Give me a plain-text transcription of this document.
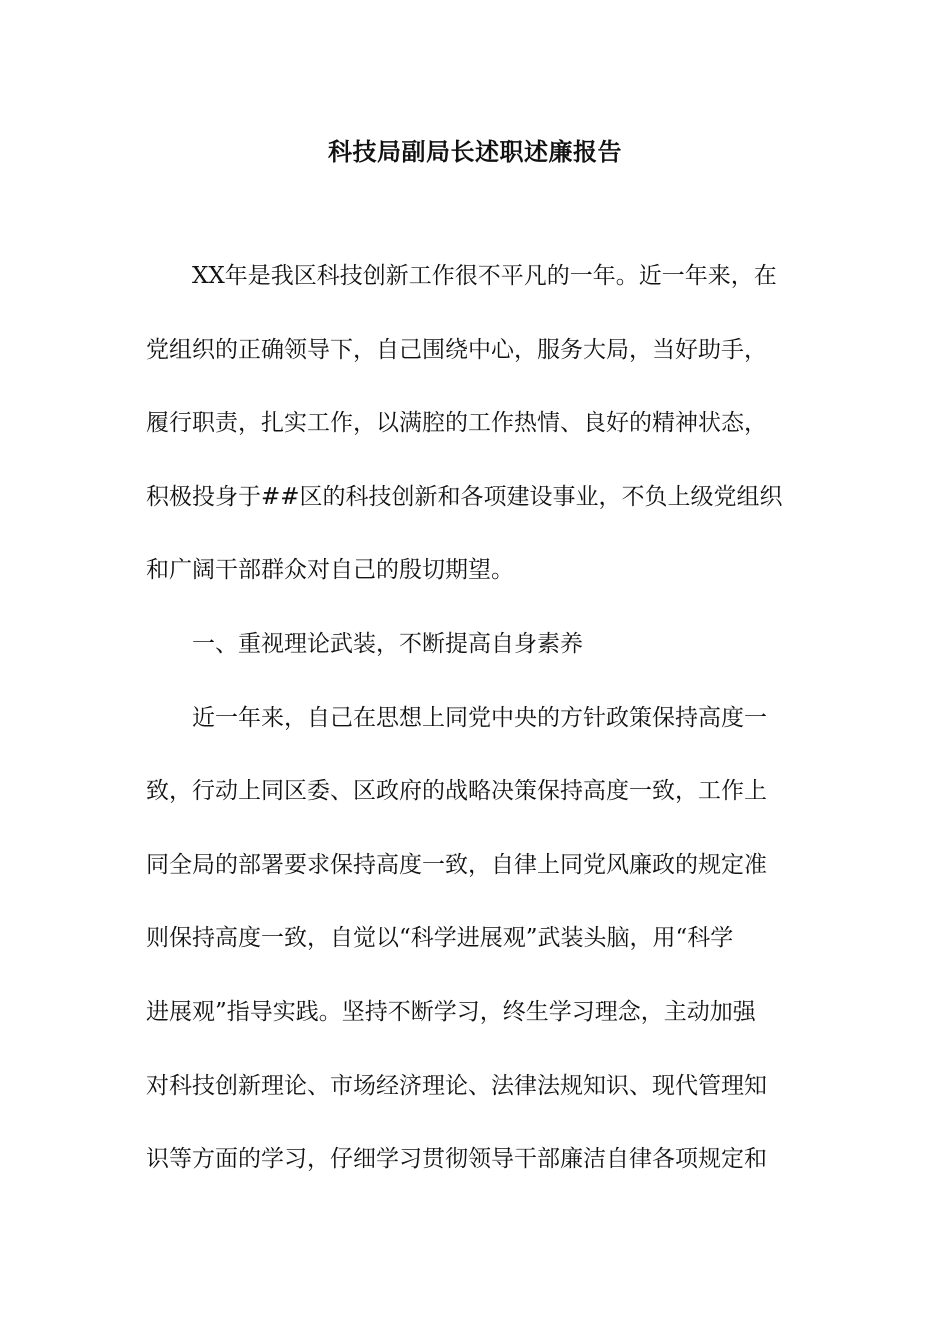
科技局副局长述职述廉报告

XX年是我区科技创新工作很不平凡的一年。近一年来，在

党组织的正确领导下，自己围绕中心，服务大局，当好助手，

履行职责，扎实工作，以满腔的工作热情、良好的精神状态，

积极投身于##区的科技创新和各项建设事业，不负上级党组织

和广阔干部群众对自己的殷切期望。

一、重视理论武装，不断提高自身素养

近一年来，自己在思想上同党中央的方针政策保持高度一

致，行动上同区委、区政府的战略决策保持高度一致，工作上

同全局的部署要求保持高度一致，自律上同党风廉政的规定准

则保持高度一致，自觉以“科学进展观”武装头脑，用“科学

进展观”指导实践。坚持不断学习，终生学习理念，主动加强

对科技创新理论、市场经济理论、法律法规知识、现代管理知

识等方面的学习，仔细学习贯彻领导干部廉洁自律各项规定和
